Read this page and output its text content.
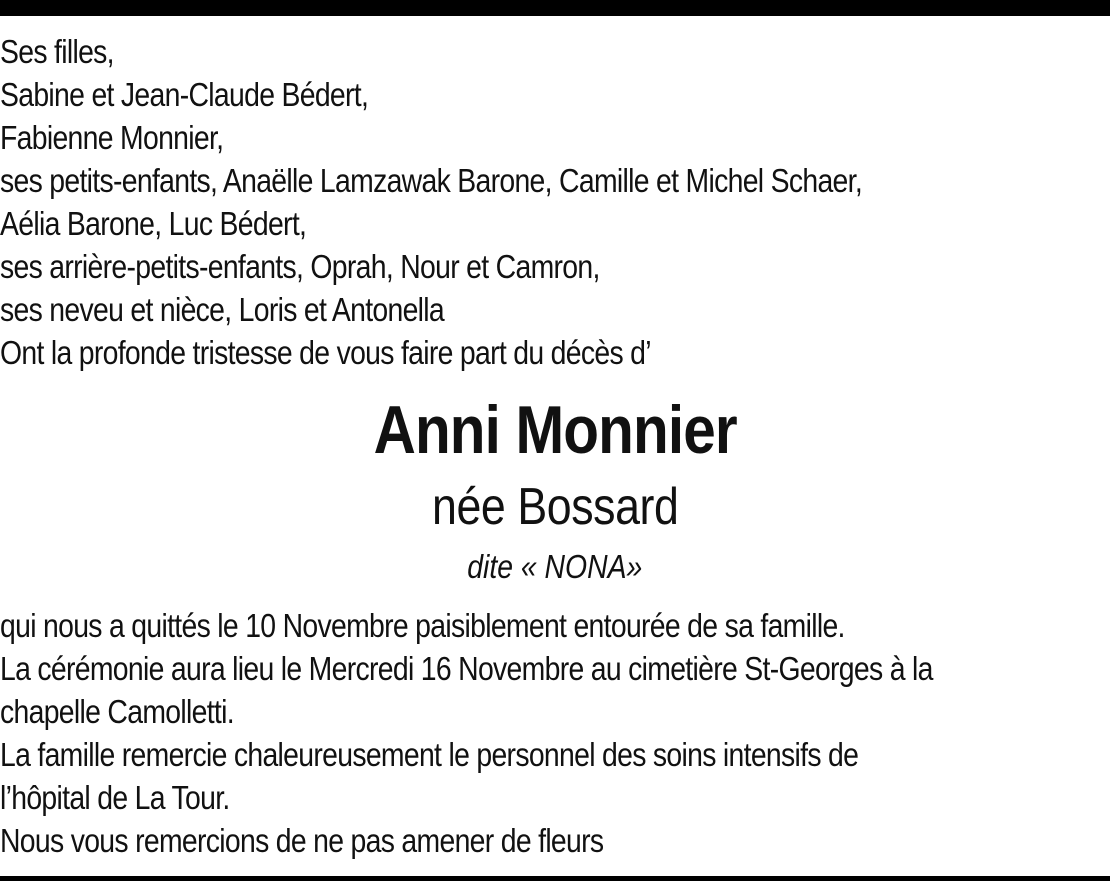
Ses filles,
Sabine et Jean-Claude Bédert,
Fabienne Monnier,
ses petits-enfants, Anaëlle Lamzawak Barone, Camille et Michel Schaer,
Aélia Barone, Luc Bédert,
ses arrière-petits-enfants, Oprah, Nour et Camron,
ses neveu et nièce, Loris et Antonella
Ont la profonde tristesse de vous faire part du décès d’
Anni Monnier
née Bossard
dite « NONA»
qui nous a quittés le 10 Novembre paisiblement entourée de sa famille.
La cérémonie aura lieu le Mercredi 16 Novembre au cimetière St-Georges à la
chapelle Camolletti.
La famille remercie chaleureusement le personnel des soins intensifs de
l’hôpital de La Tour.
Nous vous remercions de ne pas amener de fleurs
